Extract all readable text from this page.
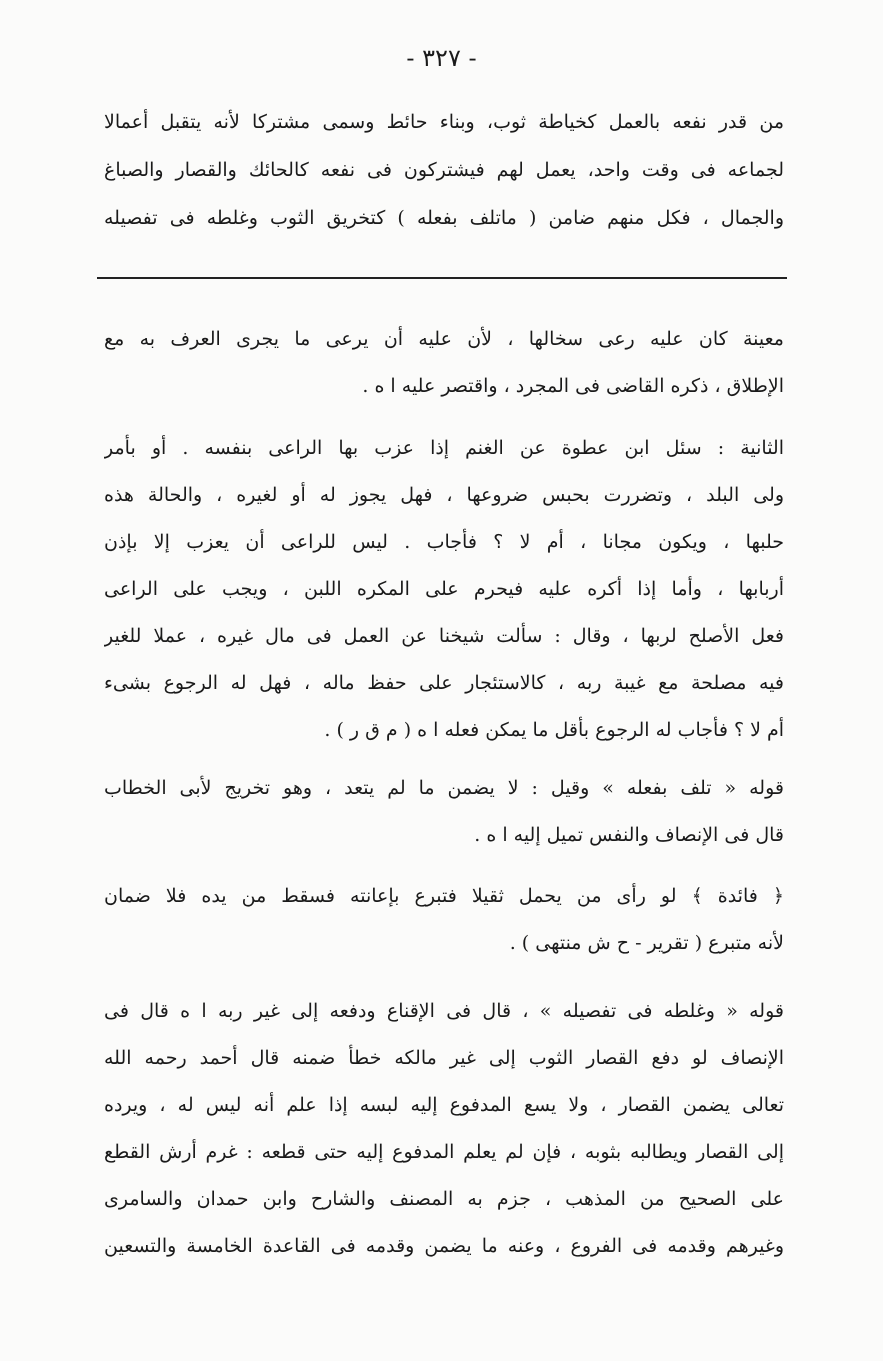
- ٣٢٧ -
من قدر نفعه بالعمل كخياطة ثوب، وبناء حائط وسمى مشتركا لأنه يتقبل أعمالا
لجماعه فى وقت واحد، يعمل لهم فيشتركون فى نفعه كالحائك والقصار والصباغ
والجمال ، فكل منهم ضامن ( ماتلف بفعله ) كتخريق الثوب وغلطه فى تفصيله
معينة كان عليه رعى سخالها ، لأن عليه أن يرعى ما يجرى العرف به مع
الإطلاق ، ذكره القاضى فى المجرد ، واقتصر عليه ا ه .
الثانية : سئل ابن عطوة عن الغنم إذا عزب بها الراعى بنفسه . أو بأمر
ولى البلد ، وتضررت بحبس ضروعها ، فهل يجوز له أو لغيره ، والحالة هذه
حلبها ، ويكون مجانا ، أم لا ؟ فأجاب . ليس للراعى أن يعزب إلا بإذن
أربابها ، وأما إذا أكره عليه فيحرم على المكره اللبن ، ويجب على الراعى
فعل الأصلح لربها ، وقال : سألت شيخنا عن العمل فى مال غيره ، عملا للغير
فيه مصلحة مع غيبة ربه ، كالاستئجار على حفظ ماله ، فهل له الرجوع بشىء
أم لا ؟ فأجاب له الرجوع بأقل ما يمكن فعله ا ه ( م ق ر ) .
قوله « تلف بفعله » وقيل : لا يضمن ما لم يتعد ، وهو تخريج لأبى الخطاب
قال فى الإنصاف والنفس تميل إليه ا ه .
﴿ فائدة ﴾ لو رأى من يحمل ثقيلا فتبرع بإعانته فسقط من يده فلا ضمان
لأنه متبرع ( تقرير - ح ش منتهى ) .
قوله « وغلطه فى تفصيله » ، قال فى الإقناع ودفعه إلى غير ربه ا ه قال فى
الإنصاف لو دفع القصار الثوب إلى غير مالكه خطأ ضمنه قال أحمد رحمه الله
تعالى يضمن القصار ، ولا يسع المدفوع إليه لبسه إذا علم أنه ليس له ، ويرده
إلى القصار ويطالبه بثوبه ، فإن لم يعلم المدفوع إليه حتى قطعه : غرم أرش القطع
على الصحيح من المذهب ، جزم به المصنف والشارح وابن حمدان والسامرى
وغيرهم وقدمه فى الفروع ، وعنه ما يضمن وقدمه فى القاعدة الخامسة والتسعين
